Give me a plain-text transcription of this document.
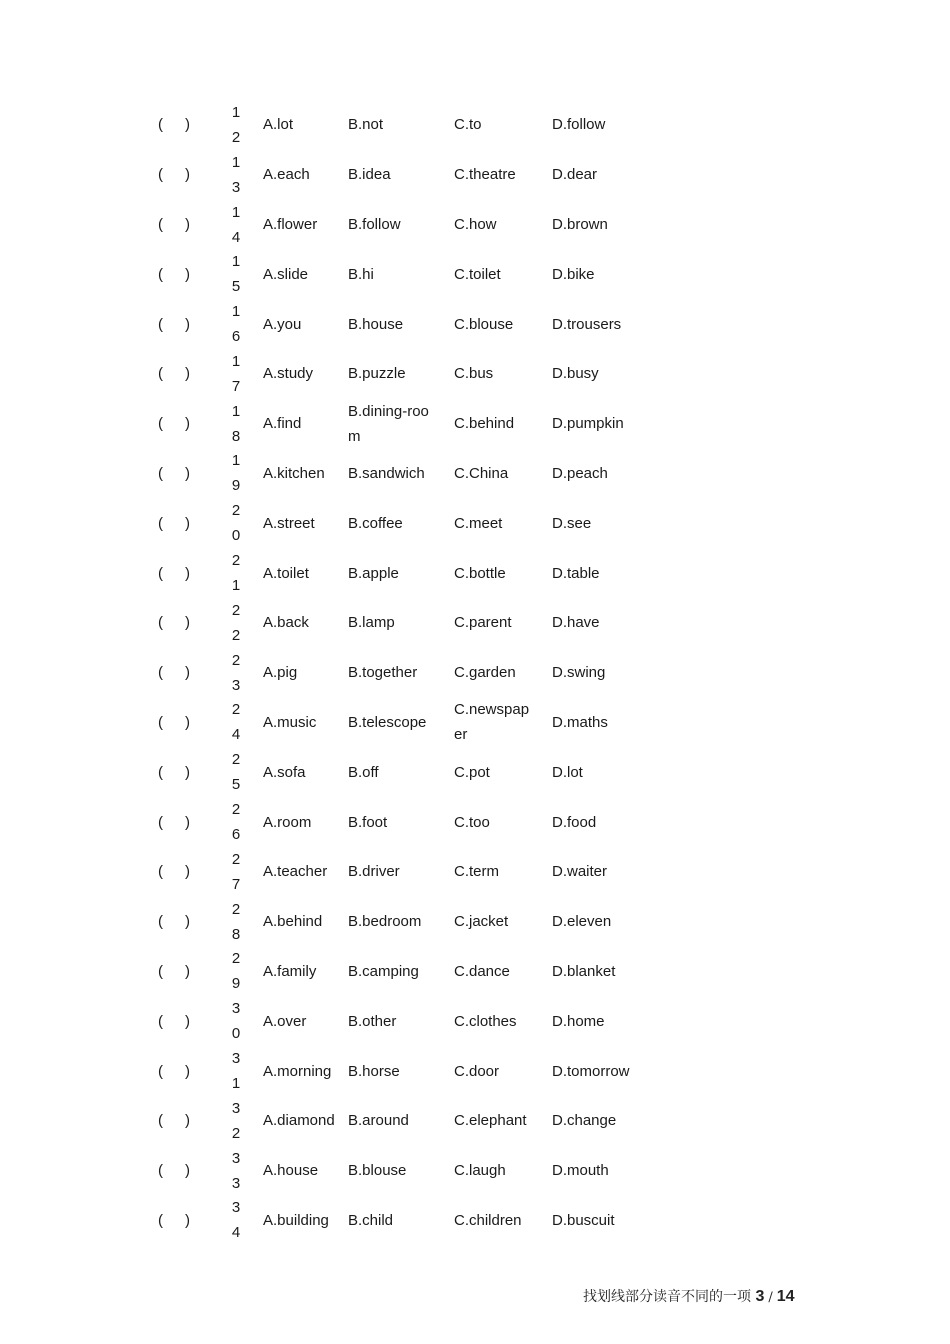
( )
12
A.lot	B.not	C.to	D.follow
( )
13
A.each	B.idea	C.theatre D.dear
( )
14
A.flower B.follow	C.how	D.brown
( )
15
A.slide	B.hi	C.toilet	D.bike
( )
16
A.you	B.house	C.blouse	D.trousers
( )
17
A.study B.puzzle	C.bus	D.busy
( )
18
A.find
B.dining-room
C.behind	D.pumpkin
( )
19
A.kitchen B.sandwich C.China	D.peach
( )
20
A.street B.coffee	C.meet	D.see
( )
21
A.toilet	B.apple	C.bottle	D.table
( )
22
A.back	B.lamp	C.parent	D.have
( )
23
A.pig	B.together C.garden D.swing
( )
24
A.music B.telescope
C.newspaper
D.maths
( )
25
A.sofa	B.off	C.pot	D.lot
( )
26
A.room B.foot	C.too	D.food
( )
27
A.teacher B.driver	C.term	D.waiter
( )
28
A.behind B.bedroom C.jacket	D.eleven
( )
29
A.family B.camping C.dance	D.blanket
( )
30
A.over	B.other	C.clothes D.home
( )
31
A.morning B.horse	C.door	D.tomorrow
( )
32
A.diamond B.around	C.elephant D.change
( )
33
A.house B.blouse	C.laugh	D.mouth
( )
34
A.building B.child	C.children D.buscuit
找划线部分读音不同的一项 3 / 14
